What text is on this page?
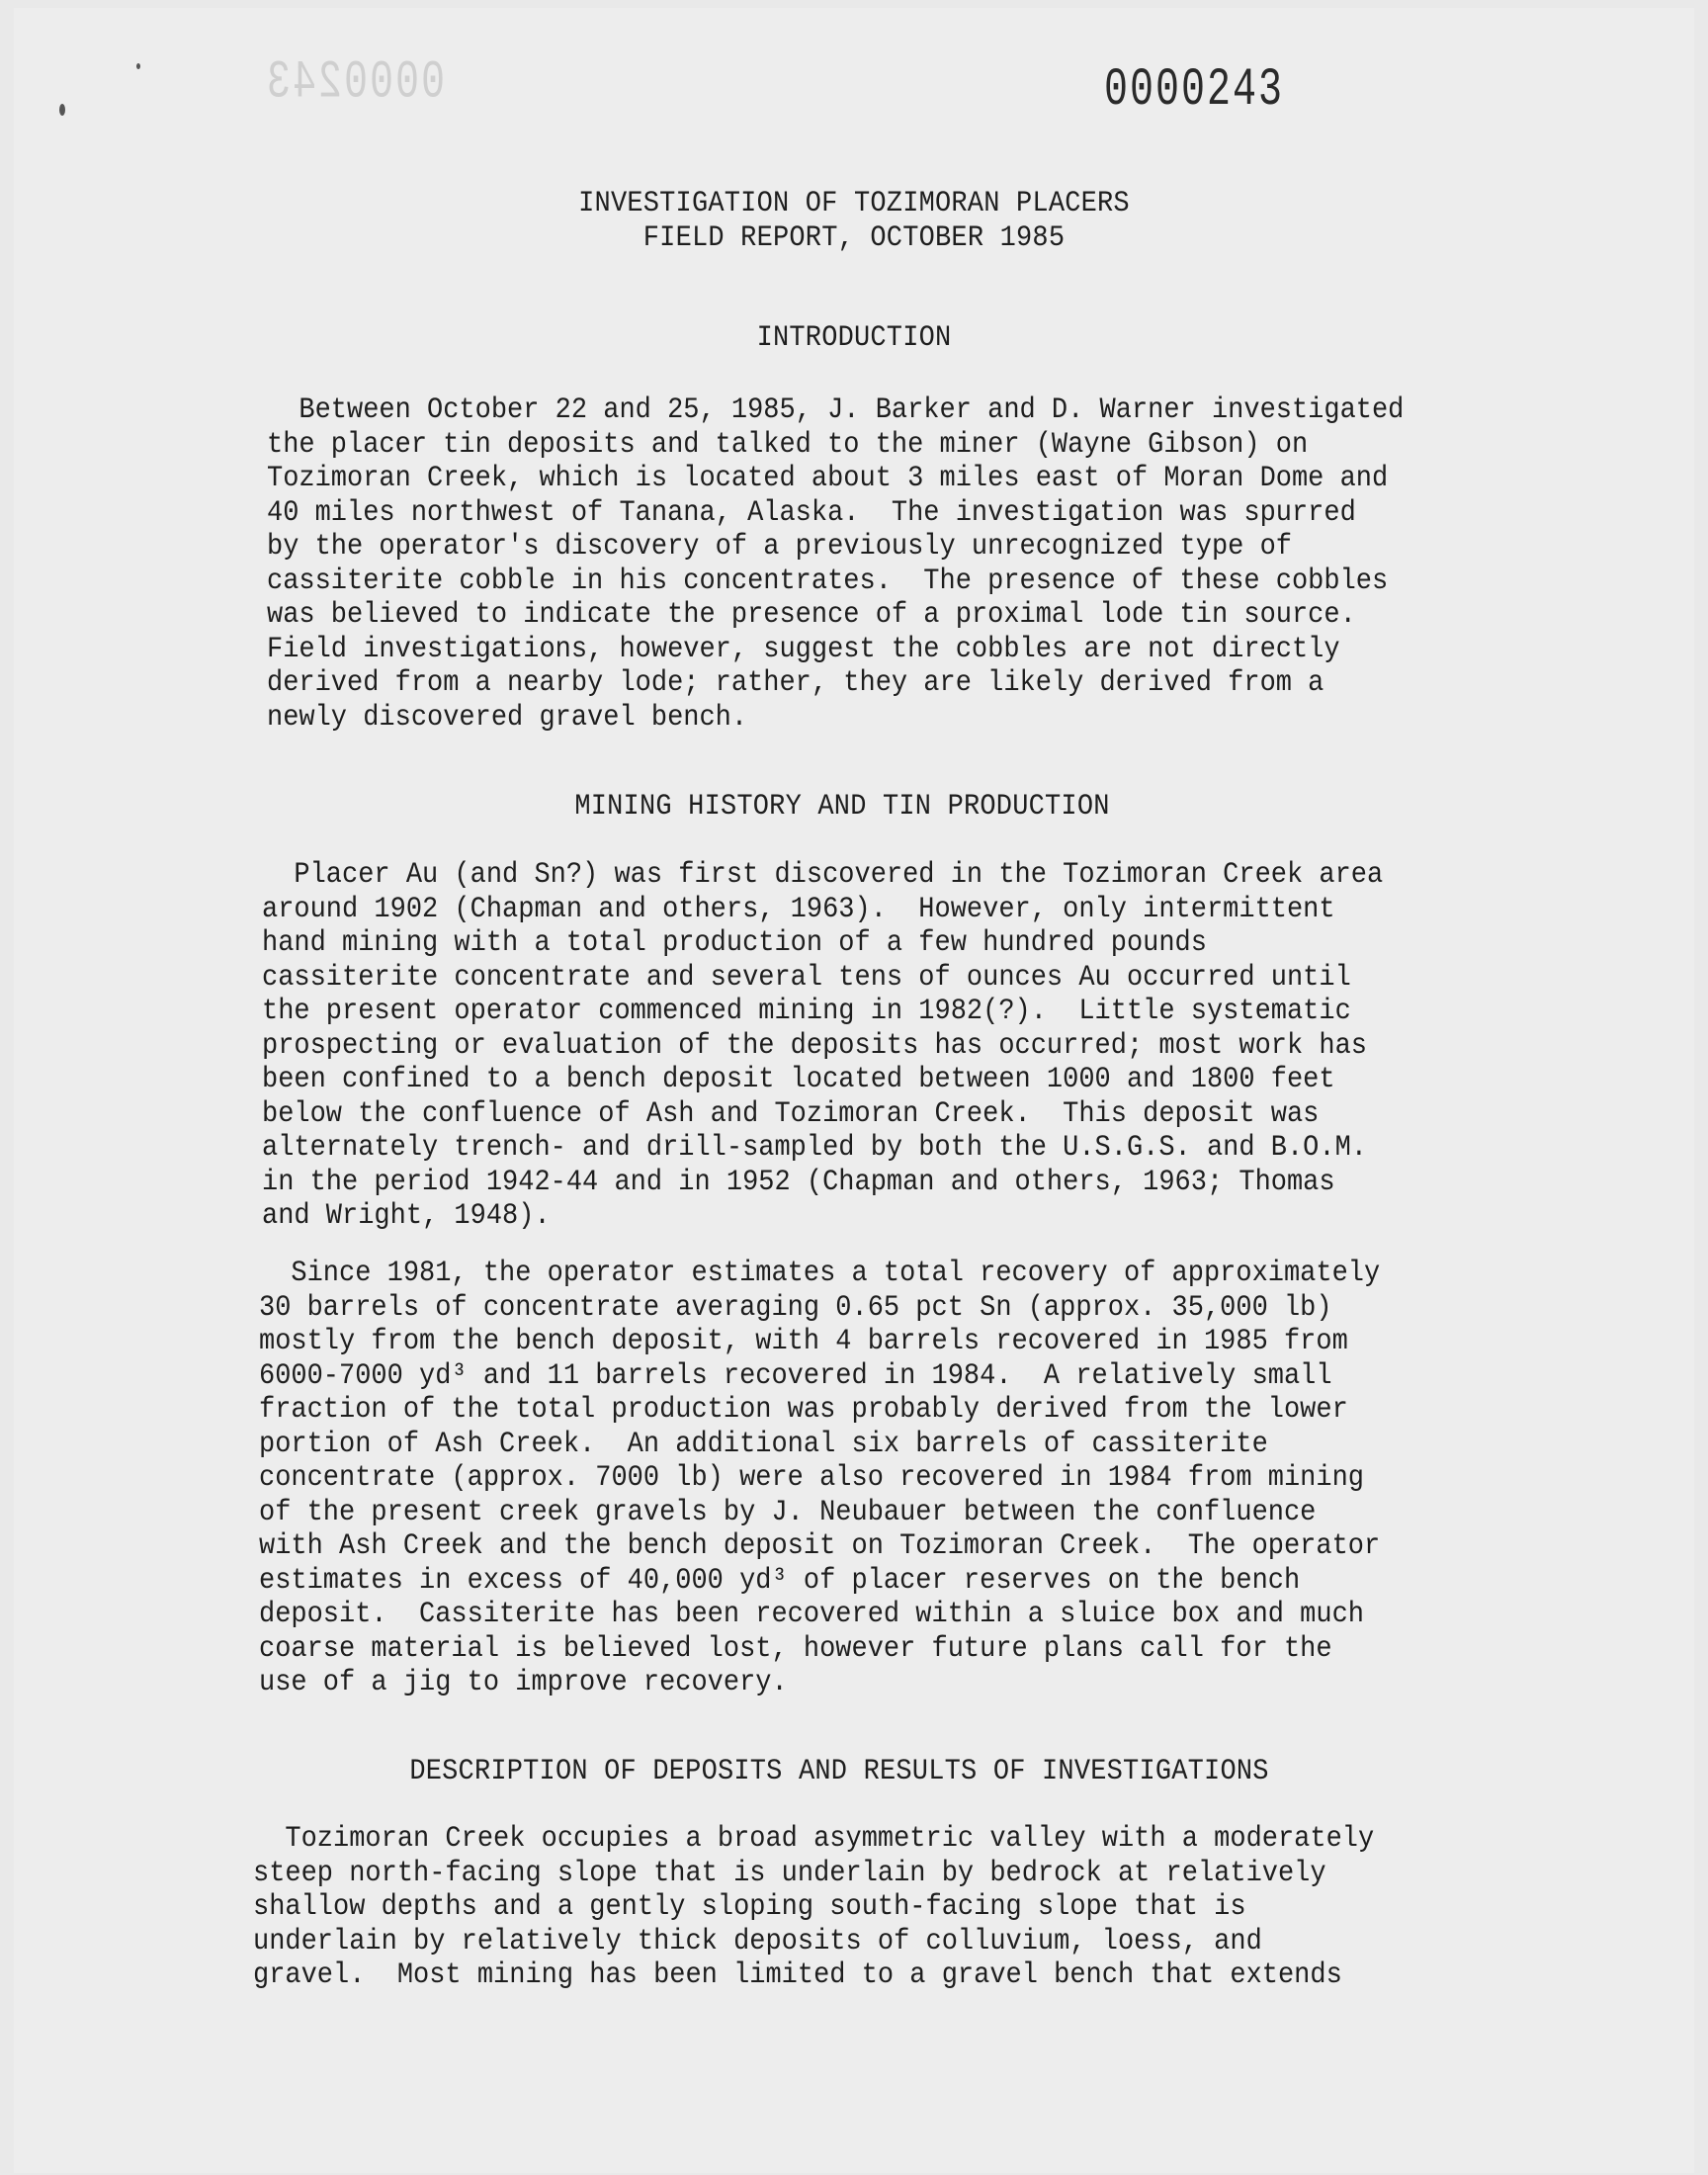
0000243	0000243
INVESTIGATION OF TOZIMORAN PLACERS
FIELD REPORT, OCTOBER 1985
INTRODUCTION
Between October 22 and 25, 1985, J. Barker and D. Warner investigated
the placer tin deposits and talked to the miner (Wayne Gibson) on
Tozimoran Creek, which is located about 3 miles east of Moran Dome and
40 miles northwest of Tanana, Alaska.  The investigation was spurred
by the operator's discovery of a previously unrecognized type of
cassiterite cobble in his concentrates.  The presence of these cobbles
was believed to indicate the presence of a proximal lode tin source.
Field investigations, however, suggest the cobbles are not directly
derived from a nearby lode; rather, they are likely derived from a
newly discovered gravel bench.
MINING HISTORY AND TIN PRODUCTION
Placer Au (and Sn?) was first discovered in the Tozimoran Creek area
around 1902 (Chapman and others, 1963).  However, only intermittent
hand mining with a total production of a few hundred pounds
cassiterite concentrate and several tens of ounces Au occurred until
the present operator commenced mining in 1982(?).  Little systematic
prospecting or evaluation of the deposits has occurred; most work has
been confined to a bench deposit located between 1000 and 1800 feet
below the confluence of Ash and Tozimoran Creek.  This deposit was
alternately trench- and drill-sampled by both the U.S.G.S. and B.O.M.
in the period 1942-44 and in 1952 (Chapman and others, 1963; Thomas
and Wright, 1948).
Since 1981, the operator estimates a total recovery of approximately
30 barrels of concentrate averaging 0.65 pct Sn (approx. 35,000 lb)
mostly from the bench deposit, with 4 barrels recovered in 1985 from
6000-7000 yd³ and 11 barrels recovered in 1984.  A relatively small
fraction of the total production was probably derived from the lower
portion of Ash Creek.  An additional six barrels of cassiterite
concentrate (approx. 7000 lb) were also recovered in 1984 from mining
of the present creek gravels by J. Neubauer between the confluence
with Ash Creek and the bench deposit on Tozimoran Creek.  The operator
estimates in excess of 40,000 yd³ of placer reserves on the bench
deposit.  Cassiterite has been recovered within a sluice box and much
coarse material is believed lost, however future plans call for the
use of a jig to improve recovery.
DESCRIPTION OF DEPOSITS AND RESULTS OF INVESTIGATIONS
Tozimoran Creek occupies a broad asymmetric valley with a moderately
steep north-facing slope that is underlain by bedrock at relatively
shallow depths and a gently sloping south-facing slope that is
underlain by relatively thick deposits of colluvium, loess, and
gravel.  Most mining has been limited to a gravel bench that extends
